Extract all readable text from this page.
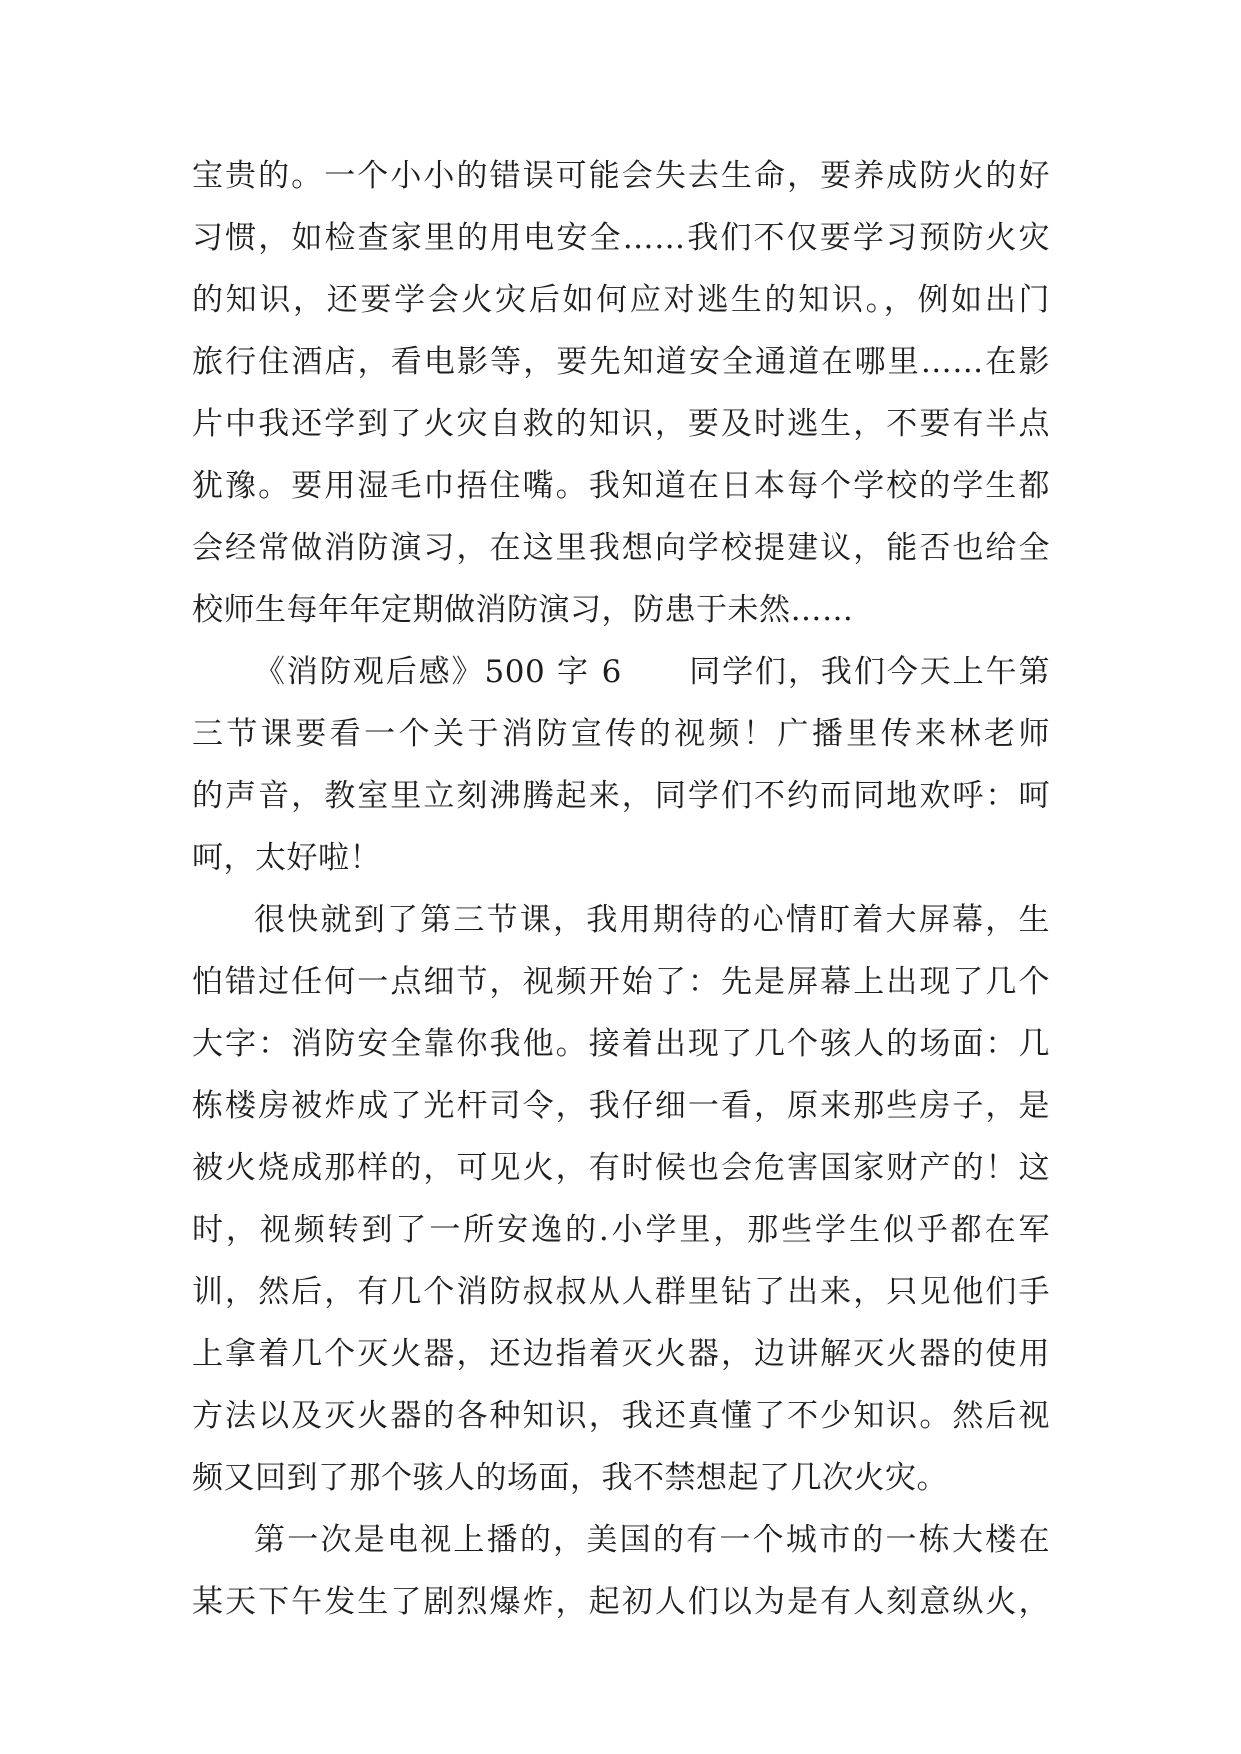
宝贵的。一个小小的错误可能会失去生命，要养成防火的好
习惯，如检查家里的用电安全……我们不仅要学习预防火灾
的知识，还要学会火灾后如何应对逃生的知识。，例如出门
旅行住酒店，看电影等，要先知道安全通道在哪里……在影
片中我还学到了火灾自救的知识，要及时逃生，不要有半点
犹豫。要用湿毛巾捂住嘴。我知道在日本每个学校的学生都
会经常做消防演习，在这里我想向学校提建议，能否也给全
校师生每年年定期做消防演习，防患于未然……
《消防观后感》500 字 6　　同学们，我们今天上午第
三节课要看一个关于消防宣传的视频！广播里传来林老师
的声音，教室里立刻沸腾起来，同学们不约而同地欢呼：呵
呵，太好啦！
很快就到了第三节课，我用期待的心情盯着大屏幕，生
怕错过任何一点细节，视频开始了：先是屏幕上出现了几个
大字：消防安全靠你我他。接着出现了几个骇人的场面：几
栋楼房被炸成了光杆司令，我仔细一看，原来那些房子，是
被火烧成那样的，可见火，有时候也会危害国家财产的！这
时，视频转到了一所安逸的.小学里，那些学生似乎都在军
训，然后，有几个消防叔叔从人群里钻了出来，只见他们手
上拿着几个灭火器，还边指着灭火器，边讲解灭火器的使用
方法以及灭火器的各种知识，我还真懂了不少知识。然后视
频又回到了那个骇人的场面，我不禁想起了几次火灾。
第一次是电视上播的，美国的有一个城市的一栋大楼在
某天下午发生了剧烈爆炸，起初人们以为是有人刻意纵火，
